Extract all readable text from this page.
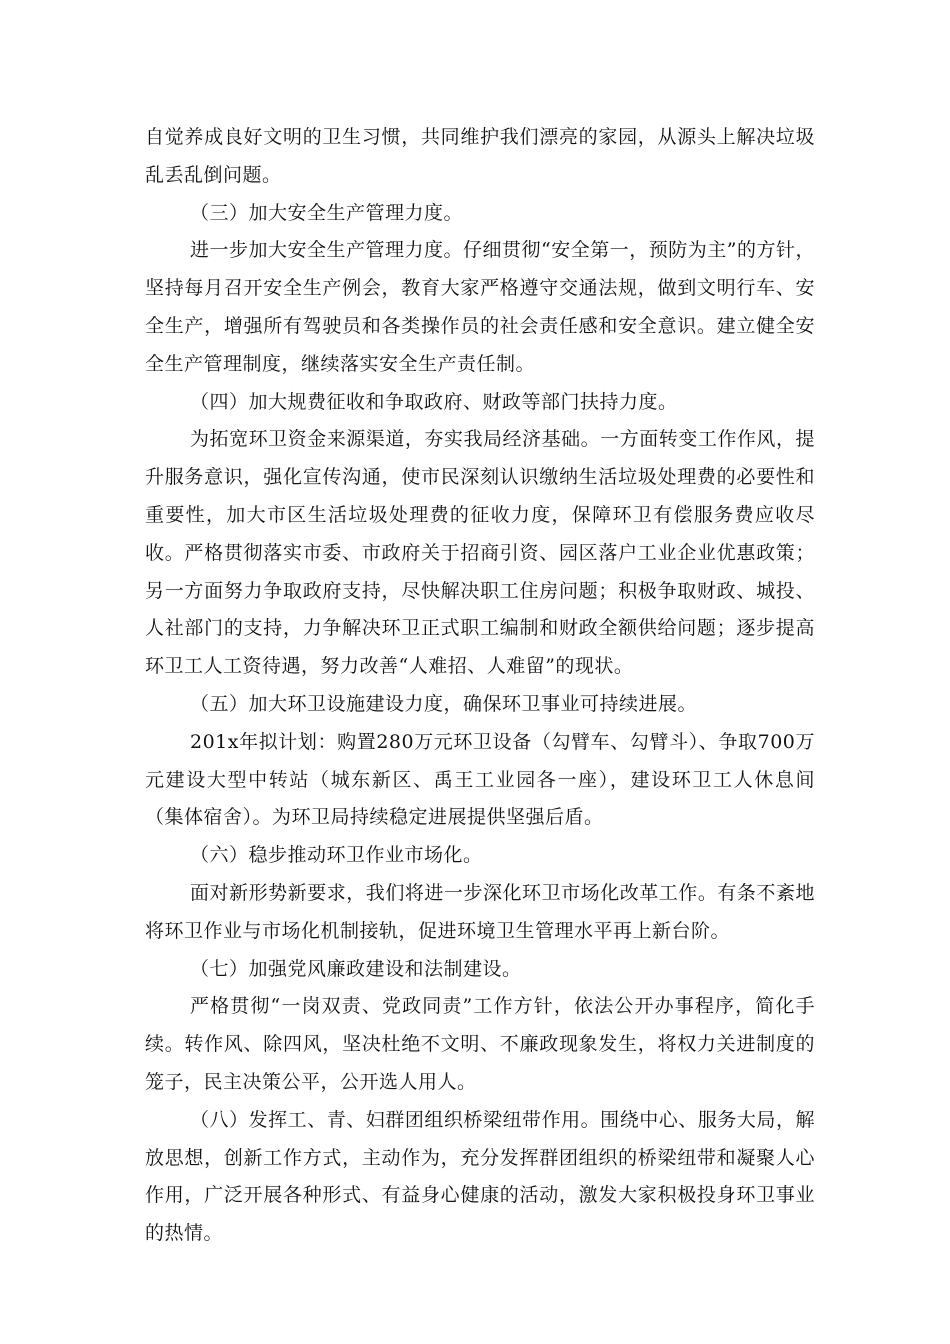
自觉养成良好文明的卫生习惯，共同维护我们漂亮的家园，从源头上解决垃圾乱丢乱倒问题。

（三）加大安全生产管理力度。

进一步加大安全生产管理力度。仔细贯彻“安全第一，预防为主”的方针，坚持每月召开安全生产例会，教育大家严格遵守交通法规，做到文明行车、安全生产，增强所有驾驶员和各类操作员的社会责任感和安全意识。建立健全安全生产管理制度，继续落实安全生产责任制。

（四）加大规费征收和争取政府、财政等部门扶持力度。

为拓宽环卫资金来源渠道，夯实我局经济基础。一方面转变工作作风，提升服务意识，强化宣传沟通，使市民深刻认识缴纳生活垃圾处理费的必要性和重要性，加大市区生活垃圾处理费的征收力度，保障环卫有偿服务费应收尽收。严格贯彻落实市委、市政府关于招商引资、园区落户工业企业优惠政策；另一方面努力争取政府支持，尽快解决职工住房问题；积极争取财政、城投、人社部门的支持，力争解决环卫正式职工编制和财政全额供给问题；逐步提高环卫工人工资待遇，努力改善“人难招、人难留”的现状。

（五）加大环卫设施建设力度，确保环卫事业可持续进展。

201x年拟计划：购置280万元环卫设备（勾臂车、勾臂斗）、争取700万元建设大型中转站（城东新区、禹王工业园各一座），建设环卫工人休息间（集体宿舍）。为环卫局持续稳定进展提供坚强后盾。

（六）稳步推动环卫作业市场化。

面对新形势新要求，我们将进一步深化环卫市场化改革工作。有条不紊地将环卫作业与市场化机制接轨，促进环境卫生管理水平再上新台阶。

（七）加强党风廉政建设和法制建设。

严格贯彻“一岗双责、党政同责”工作方针，依法公开办事程序，简化手续。转作风、除四风，坚决杜绝不文明、不廉政现象发生，将权力关进制度的笼子，民主决策公平，公开选人用人。

（八）发挥工、青、妇群团组织桥梁纽带作用。围绕中心、服务大局，解放思想，创新工作方式，主动作为，充分发挥群团组织的桥梁纽带和凝聚人心作用，广泛开展各种形式、有益身心健康的活动，激发大家积极投身环卫事业的热情。
